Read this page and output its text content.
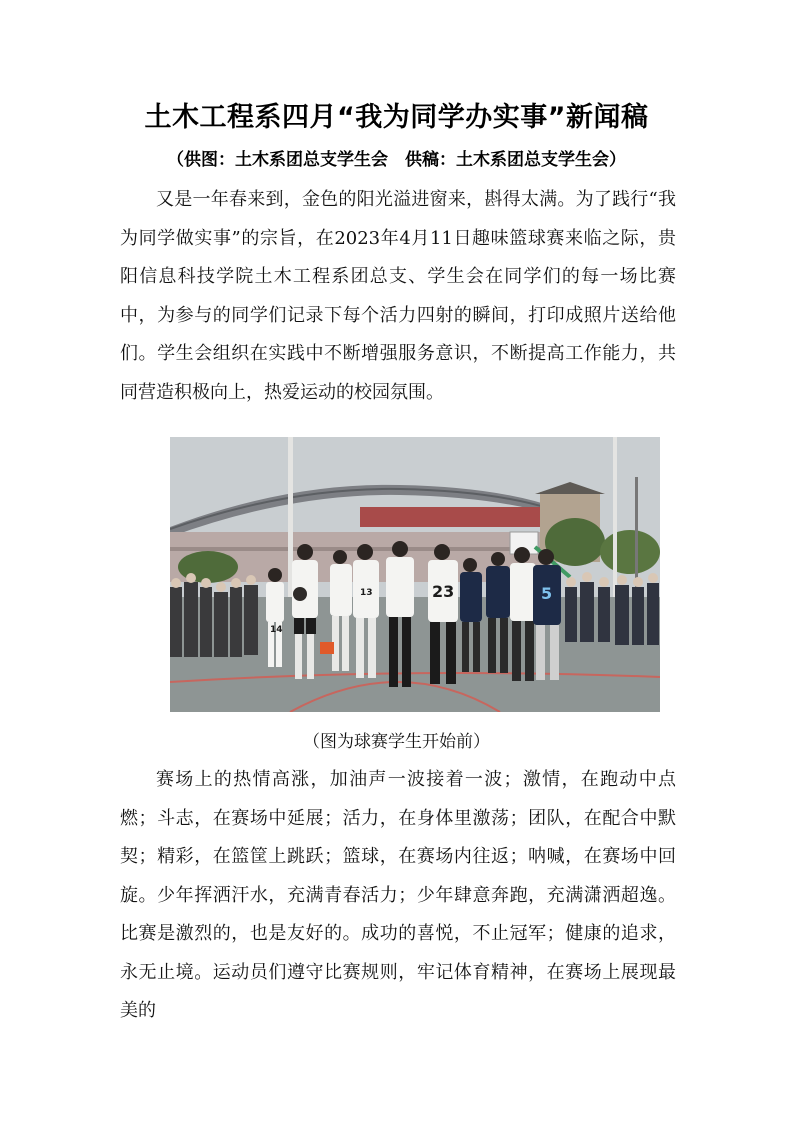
土木工程系四月“我为同学办实事”新闻稿
（供图：土木系团总支学生会　供稿：土木系团总支学生会）

又是一年春来到，金色的阳光溢进窗来，斟得太满。为了践行“我为同学做实事”的宗旨，在2023年4月11日趣味篮球赛来临之际，贵阳信息科技学院土木工程系团总支、学生会在同学们的每一场比赛中，为参与的同学们记录下每个活力四射的瞬间，打印成照片送给他们。学生会组织在实践中不断增强服务意识，不断提高工作能力，共同营造积极向上，热爱运动的校园氛围。

14
13	23	5
（图为球赛学生开始前）

赛场上的热情高涨，加油声一波接着一波；激情，在跑动中点燃；斗志，在赛场中延展；活力，在身体里激荡；团队，在配合中默契；精彩，在篮筐上跳跃；篮球，在赛场内往返；呐喊，在赛场中回旋。少年挥洒汗水，充满青春活力；少年肆意奔跑，充满潇洒超逸。比赛是激烈的，也是友好的。成功的喜悦，不止冠军；健康的追求，永无止境。运动员们遵守比赛规则，牢记体育精神，在赛场上展现最美的
